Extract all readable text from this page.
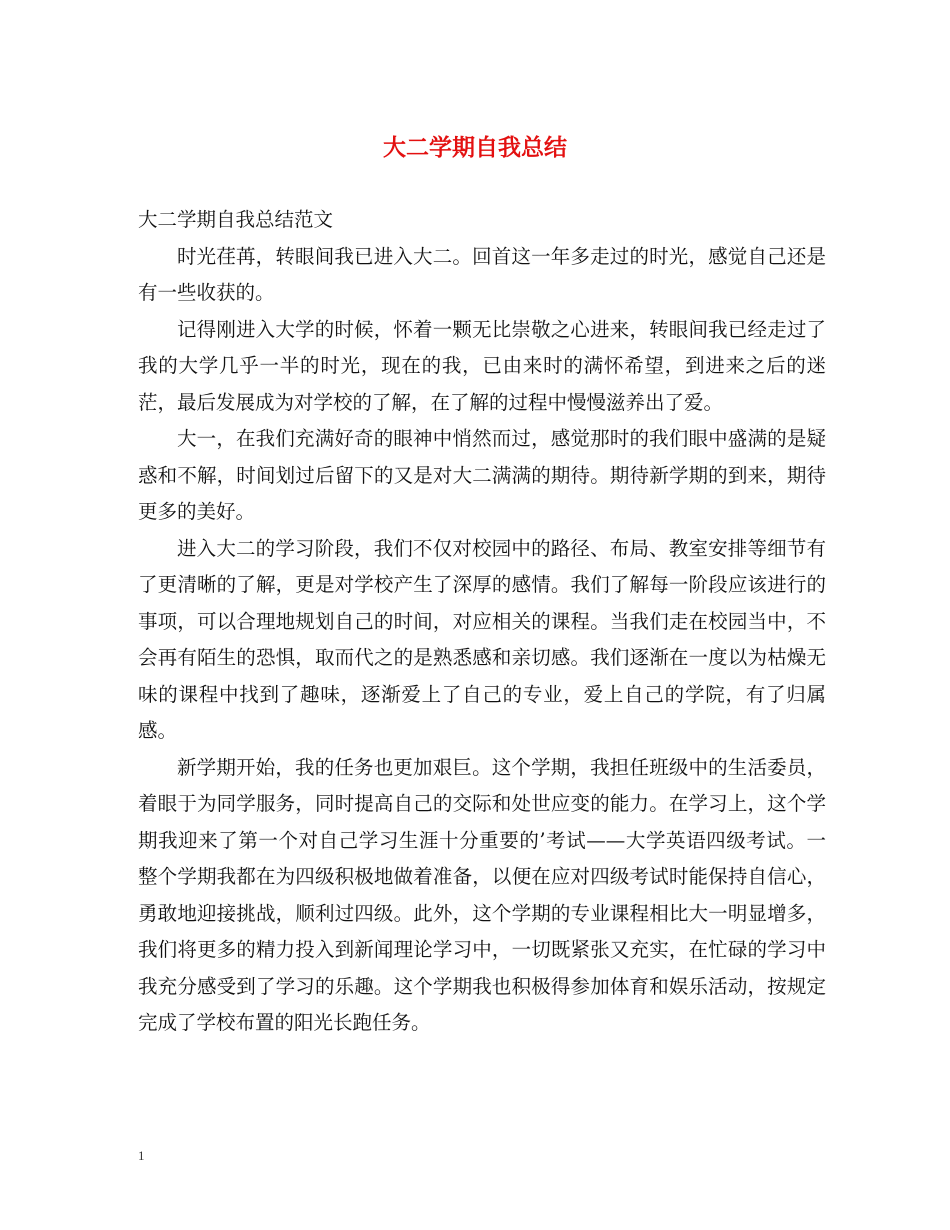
大二学期自我总结

大二学期自我总结范文

时光荏苒，转眼间我已进入大二。回首这一年多走过的时光，感觉自己还是有一些收获的。

记得刚进入大学的时候，怀着一颗无比崇敬之心进来，转眼间我已经走过了我的大学几乎一半的时光，现在的我，已由来时的满怀希望，到进来之后的迷茫，最后发展成为对学校的了解，在了解的过程中慢慢滋养出了爱。

大一，在我们充满好奇的眼神中悄然而过，感觉那时的我们眼中盛满的是疑惑和不解，时间划过后留下的又是对大二满满的期待。期待新学期的到来，期待更多的美好。

进入大二的学习阶段，我们不仅对校园中的路径、布局、教室安排等细节有了更清晰的了解，更是对学校产生了深厚的感情。我们了解每一阶段应该进行的事项，可以合理地规划自己的时间，对应相关的课程。当我们走在校园当中，不会再有陌生的恐惧，取而代之的是熟悉感和亲切感。我们逐渐在一度以为枯燥无味的课程中找到了趣味，逐渐爱上了自己的专业，爱上自己的学院，有了归属感。

新学期开始，我的任务也更加艰巨。这个学期，我担任班级中的生活委员，着眼于为同学服务，同时提高自己的交际和处世应变的能力。在学习上，这个学期我迎来了第一个对自己学习生涯十分重要的’考试——大学英语四级考试。一整个学期我都在为四级积极地做着准备，以便在应对四级考试时能保持自信心，勇敢地迎接挑战，顺利过四级。此外，这个学期的专业课程相比大一明显增多，我们将更多的精力投入到新闻理论学习中，一切既紧张又充实，在忙碌的学习中我充分感受到了学习的乐趣。这个学期我也积极得参加体育和娱乐活动，按规定完成了学校布置的阳光长跑任务。

1
